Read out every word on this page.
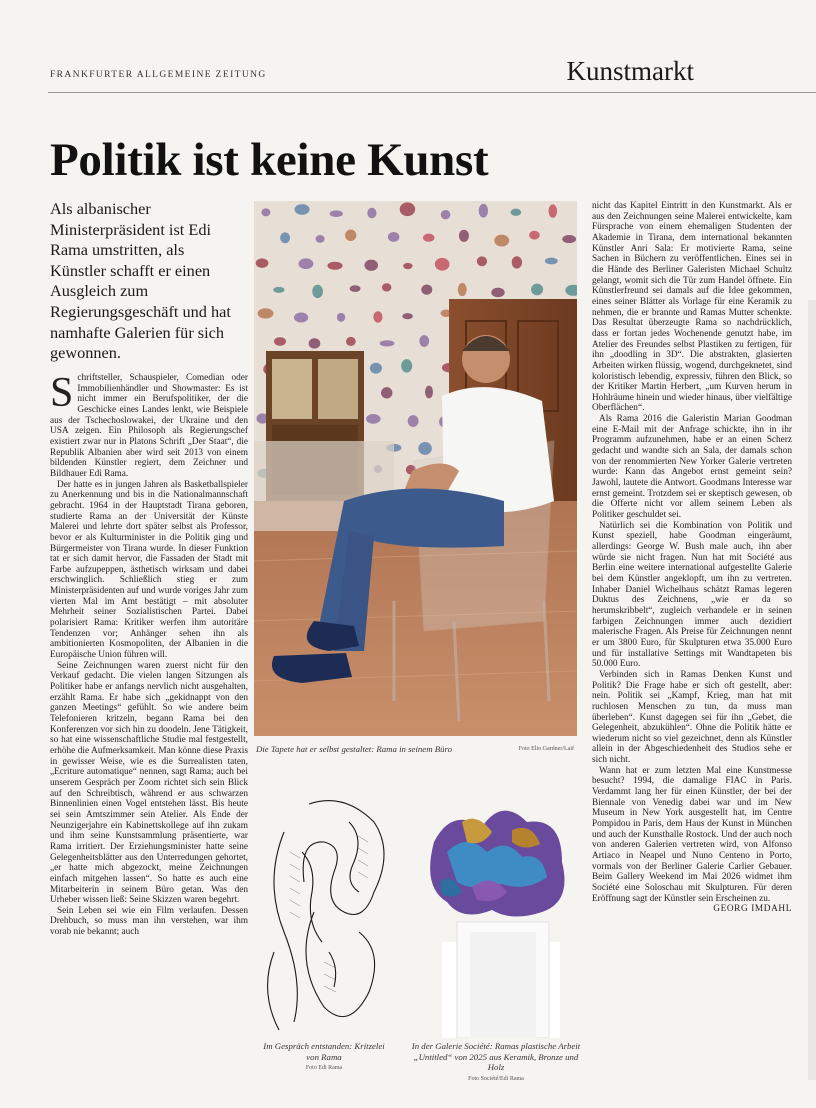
FRANKFURTER ALLGEMEINE ZEITUNG	Kunstmarkt
Politik ist keine Kunst
Als albanischer Ministerpräsident ist Edi Rama umstritten, als Künstler schafft er einen Ausgleich zum Regierungsgeschäft und hat namhafte Galerien für sich gewonnen.

Schriftsteller, Schauspieler, Comedian oder Immobilienhändler und Showmaster: Es ist nicht immer ein Berufspolitiker, der die Geschicke eines Landes lenkt, wie Beispiele aus der Tschechoslowakei, der Ukraine und den USA zeigen. Ein Philosoph als Regierungschef existiert zwar nur in Platons Schrift „Der Staat“, die Republik Albanien aber wird seit 2013 von einem bildenden Künstler regiert, dem Zeichner und Bildhauer Edi Rama.

Der hatte es in jungen Jahren als Basketballspieler zu Anerkennung und bis in die Nationalmannschaft gebracht. 1964 in der Hauptstadt Tirana geboren, studierte Rama an der Universität der Künste Malerei und lehrte dort später selbst als Professor, bevor er als Kulturminister in die Politik ging und Bürgermeister von Tirana wurde. In dieser Funktion tat er sich damit hervor, die Fassaden der Stadt mit Farbe aufzupeppen, ästhetisch wirksam und dabei erschwinglich. Schließlich stieg er zum Ministerpräsidenten auf und wurde voriges Jahr zum vierten Mal im Amt bestätigt – mit absoluter Mehrheit seiner Sozialistischen Partei. Dabei polarisiert Rama: Kritiker werfen ihm autoritäre Tendenzen vor; Anhänger sehen ihn als ambitionierten Kosmopoliten, der Albanien in die Europäische Union führen will.

Seine Zeichnungen waren zuerst nicht für den Verkauf gedacht. Die vielen langen Sitzungen als Politiker habe er anfangs nervlich nicht ausgehalten, erzählt Rama. Er habe sich „gekidnappt von den ganzen Meetings“ gefühlt. So wie andere beim Telefonieren kritzeln, begann Rama bei den Konferenzen vor sich hin zu doodeln. Jene Tätigkeit, so hat eine wissenschaftliche Studie mal festgestellt, erhöhe die Aufmerksamkeit. Man könne diese Praxis in gewisser Weise, wie es die Surrealisten taten, „Ecriture automatique“ nennen, sagt Rama; auch bei unserem Gespräch per Zoom richtet sich sein Blick auf den Schreibtisch, während er aus schwarzen Binnenlinien einen Vogel entstehen lässt. Bis heute sei sein Amtszimmer sein Atelier. Als Ende der Neunzigerjahre ein Kabinettskollege auf ihn zukam und ihm seine Kunstsammlung präsentierte, war Rama irritiert. Der Erziehungsminister hatte seine Gelegenheitsblätter aus den Unterredungen gehortet, „er hatte mich abgezockt, meine Zeichnungen einfach mitgehen lassen“. So hatte es auch eine Mitarbeiterin in seinem Büro getan. Was den Urheber wissen ließ: Seine Skizzen waren begehrt.

Sein Leben sei wie ein Film verlaufen. Dessen Drehbuch, so muss man ihn verstehen, war ihm vorab nie bekannt; auch

Die Tapete hat er selbst gestaltet: Rama in seinem Büro	Foto Elio Gardner/Laif
Im Gespräch entstanden: Kritzelei von Rama
Foto Edi Rama
In der Galerie Société: Ramas plastische Arbeit „Untitled“ von 2025 aus Keramik, Bronze und Holz
Foto Société/Edi Rama

nicht das Kapitel Eintritt in den Kunstmarkt. Als er aus den Zeichnungen seine Malerei entwickelte, kam Fürsprache von einem ehemaligen Studenten der Akademie in Tirana, dem international bekannten Künstler Anri Sala: Er motivierte Rama, seine Sachen in Büchern zu veröffentlichen. Eines sei in die Hände des Berliner Galeristen Michael Schultz gelangt, womit sich die Tür zum Handel öffnete. Ein Künstlerfreund sei damals auf die Idee gekommen, eines seiner Blätter als Vorlage für eine Keramik zu nehmen, die er brannte und Ramas Mutter schenkte. Das Resultat überzeugte Rama so nachdrücklich, dass er fortan jedes Wochenende genutzt habe, im Atelier des Freundes selbst Plastiken zu fertigen, für ihn „doodling in 3D“. Die abstrakten, glasierten Arbeiten wirken flüssig, wogend, durchgeknetet, sind koloristisch lebendig, expressiv, führen den Blick, so der Kritiker Martin Herbert, „um Kurven herum in Hohlräume hinein und wieder hinaus, über vielfältige Oberflächen“.

Als Rama 2016 die Galeristin Marian Goodman eine E-Mail mit der Anfrage schickte, ihn in ihr Programm aufzunehmen, habe er an einen Scherz gedacht und wandte sich an Sala, der damals schon von der renommierten New Yorker Galerie vertreten wurde: Kann das Angebot ernst gemeint sein? Jawohl, lautete die Antwort. Goodmans Interesse war ernst gemeint. Trotzdem sei er skeptisch gewesen, ob die Offerte nicht vor allem seinem Leben als Politiker geschuldet sei.

Natürlich sei die Kombination von Politik und Kunst speziell, habe Goodman eingeräumt, allerdings: George W. Bush male auch, ihn aber würde sie nicht fragen. Nun hat mit Société aus Berlin eine weitere international aufgestellte Galerie bei dem Künstler angeklopft, um ihn zu vertreten. Inhaber Daniel Wichelhaus schätzt Ramas legeren Duktus des Zeichnens, „wie er da so herumskribbelt“, zugleich verhandele er in seinen farbigen Zeichnungen immer auch dezidiert malerische Fragen. Als Preise für Zeichnungen nennt er um 3800 Euro, für Skulpturen etwa 35.000 Euro und für installative Settings mit Wandtapeten bis 50.000 Euro.

Verbinden sich in Ramas Denken Kunst und Politik? Die Frage habe er sich oft gestellt, aber: nein. Politik sei „Kampf, Krieg, man hat mit ruchlosen Menschen zu tun, da muss man überleben“. Kunst dagegen sei für ihn „Gebet, die Gelegenheit, abzukühlen“. Ohne die Politik hätte er wiederum nicht so viel gezeichnet, denn als Künstler allein in der Abgeschiedenheit des Studios sehe er sich nicht.

Wann hat er zum letzten Mal eine Kunstmesse besucht? 1994, die damalige FIAC in Paris. Verdammt lang her für einen Künstler, der bei der Biennale von Venedig dabei war und im New Museum in New York ausgestellt hat, im Centre Pompidou in Paris, dem Haus der Kunst in München und auch der Kunsthalle Rostock. Und der auch noch von anderen Galerien vertreten wird, von Alfonso Artiaco in Neapel und Nuno Centeno in Porto, vormals von der Berliner Galerie Carlier Gebauer. Beim Gallery Weekend im Mai 2026 widmet ihm Société eine Soloschau mit Skulpturen. Für deren Eröffnung sagt der Künstler sein Erscheinen zu.

GEORG IMDAHL
